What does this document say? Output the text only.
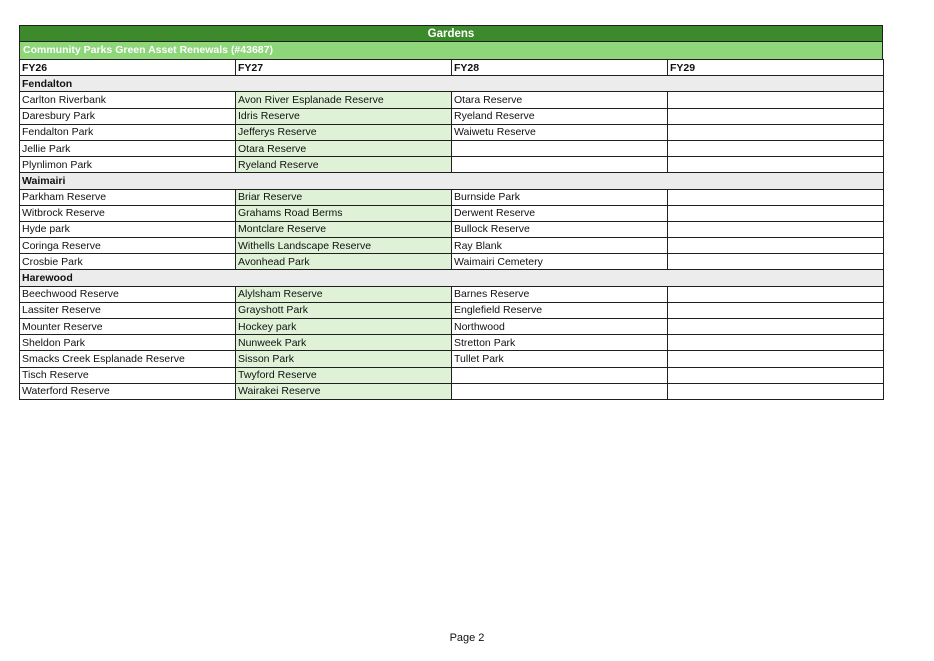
Gardens
Community Parks Green Asset Renewals (#43687)
FY26	FY27	FY28	FY29
Fendalton			
Carlton Riverbank	Avon River Esplanade Reserve	Otara Reserve	
Daresbury Park	Idris Reserve	Ryeland Reserve	
Fendalton Park	Jefferys Reserve	Waiwetu Reserve	
Jellie Park	Otara Reserve		
Plynlimon Park	Ryeland Reserve		
Waimairi			
Parkham Reserve	Briar Reserve	Burnside Park	
Witbrock Reserve	Grahams Road Berms	Derwent Reserve	
Hyde park	Montclare Reserve	Bullock Reserve	
Coringa Reserve	Withells Landscape Reserve	Ray Blank	
Crosbie Park	Avonhead Park	Waimairi Cemetery	
Harewood			
Beechwood Reserve	Alylsham Reserve	Barnes Reserve	
Lassiter Reserve	Grayshott Park	Englefield Reserve	
Mounter Reserve	Hockey park	Northwood	
Sheldon Park	Nunweek Park	Stretton Park	
Smacks Creek Esplanade Reserve	Sisson Park	Tullet Park	
Tisch Reserve	Twyford Reserve		
Waterford Reserve	Wairakei Reserve		
Page 2
